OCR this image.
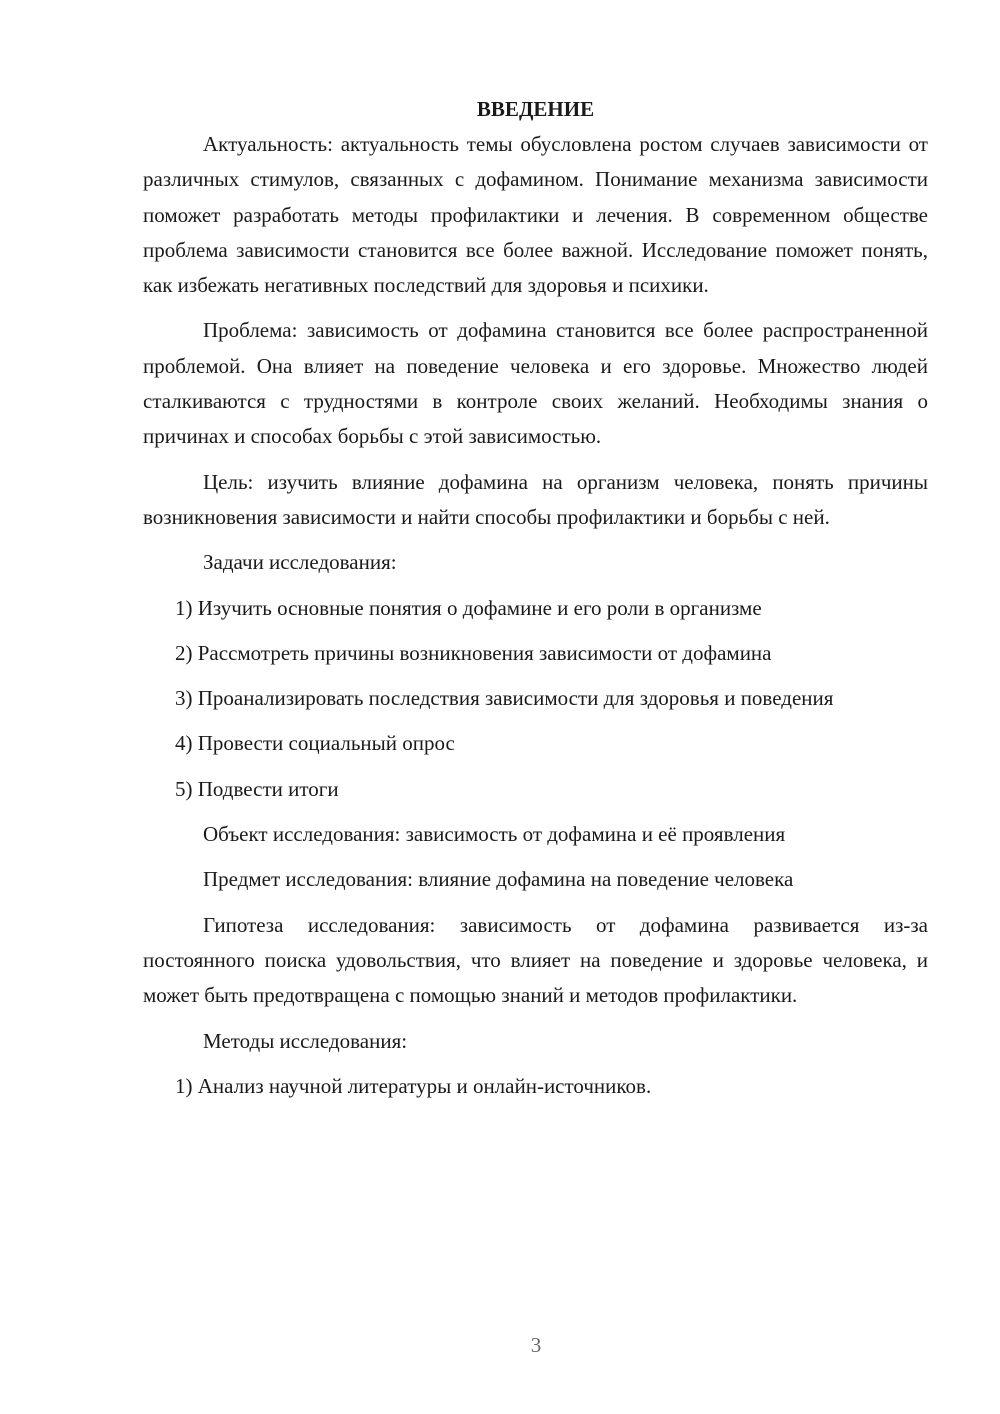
ВВЕДЕНИЕ

Актуальность: актуальность темы обусловлена ростом случаев зависимости от различных стимулов, связанных с дофамином. Понимание механизма зависимости поможет разработать методы профилактики и лечения. В современном обществе проблема зависимости становится все более важной. Исследование поможет понять, как избежать негативных последствий для здоровья и психики.

Проблема: зависимость от дофамина становится все более распространенной проблемой. Она влияет на поведение человека и его здоровье. Множество людей сталкиваются с трудностями в контроле своих желаний. Необходимы знания о причинах и способах борьбы с этой зависимостью.

Цель: изучить влияние дофамина на организм человека, понять причины возникновения зависимости и найти способы профилактики и борьбы с ней.

Задачи исследования:

1) Изучить основные понятия о дофамине и его роли в организме

2) Рассмотреть причины возникновения зависимости от дофамина

3) Проанализировать последствия зависимости для здоровья и поведения

4) Провести социальный опрос

5) Подвести итоги

Объект исследования: зависимость от дофамина и её проявления

Предмет исследования: влияние дофамина на поведение человека

Гипотеза исследования: зависимость от дофамина развивается из-за постоянного поиска удовольствия, что влияет на поведение и здоровье человека, и может быть предотвращена с помощью знаний и методов профилактики.

Методы исследования:

1) Анализ научной литературы и онлайн-источников.

3
